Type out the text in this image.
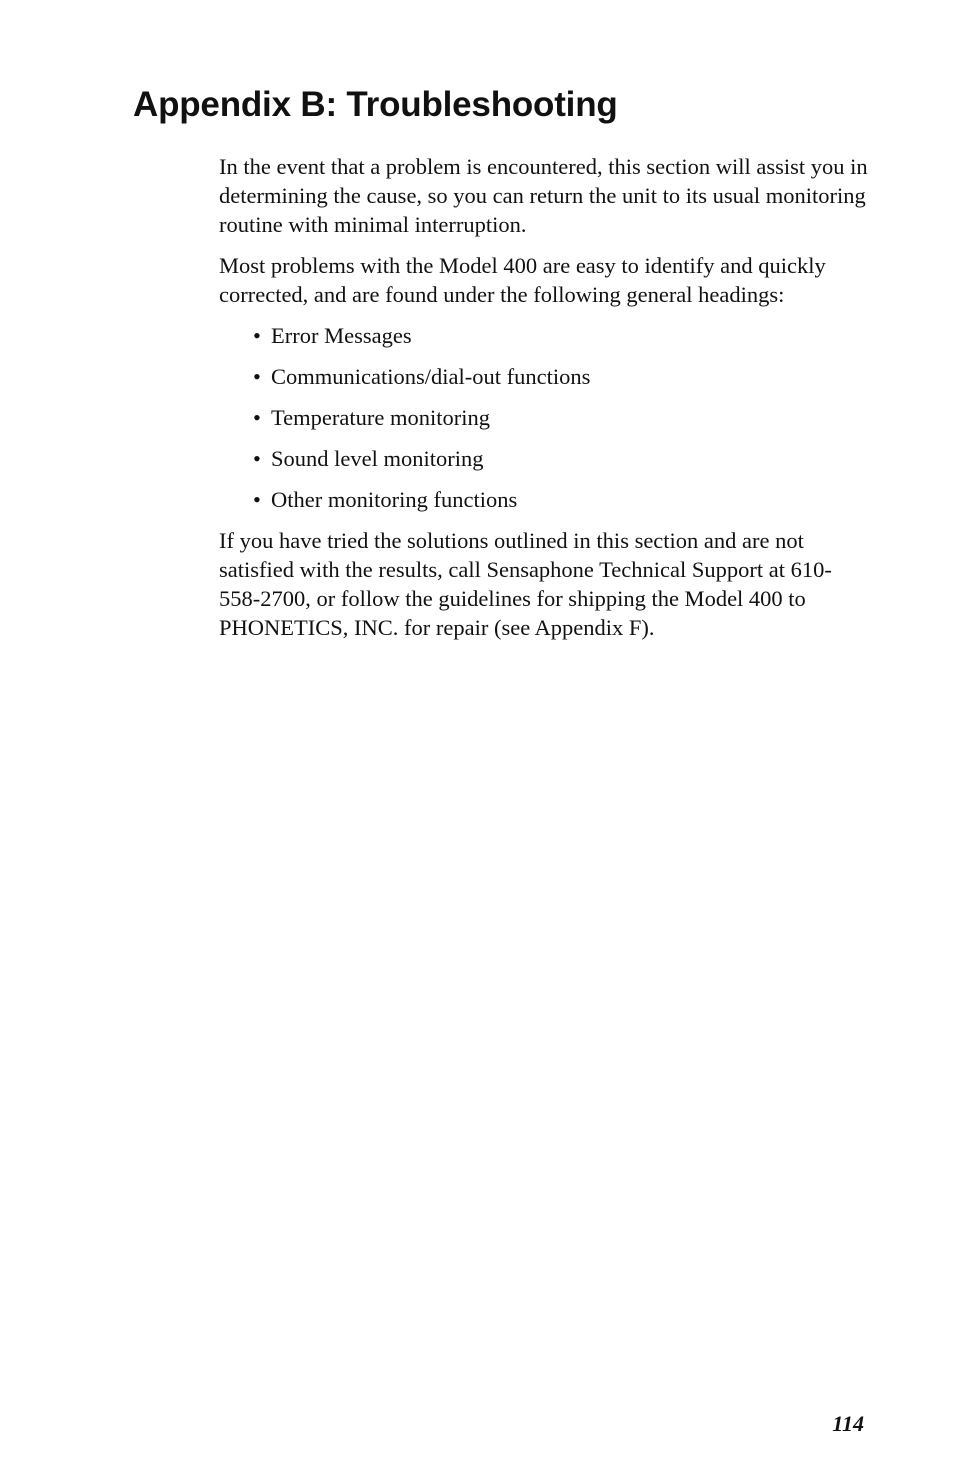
Appendix B: Troubleshooting

In the event that a problem is encountered, this section will assist you in determining the cause, so you can return the unit to its usual monitoring routine with minimal interruption.

Most problems with the Model 400 are easy to identify and quickly corrected, and are found under the following general headings:

• Error Messages
• Communications/dial-out functions
• Temperature monitoring
• Sound level monitoring
• Other monitoring functions

If you have tried the solutions outlined in this section and are not satisfied with the results, call Sensaphone Technical Support at 610-558-2700, or follow the guidelines for shipping the Model 400 to PHONETICS, INC. for repair (see Appendix F).

114
